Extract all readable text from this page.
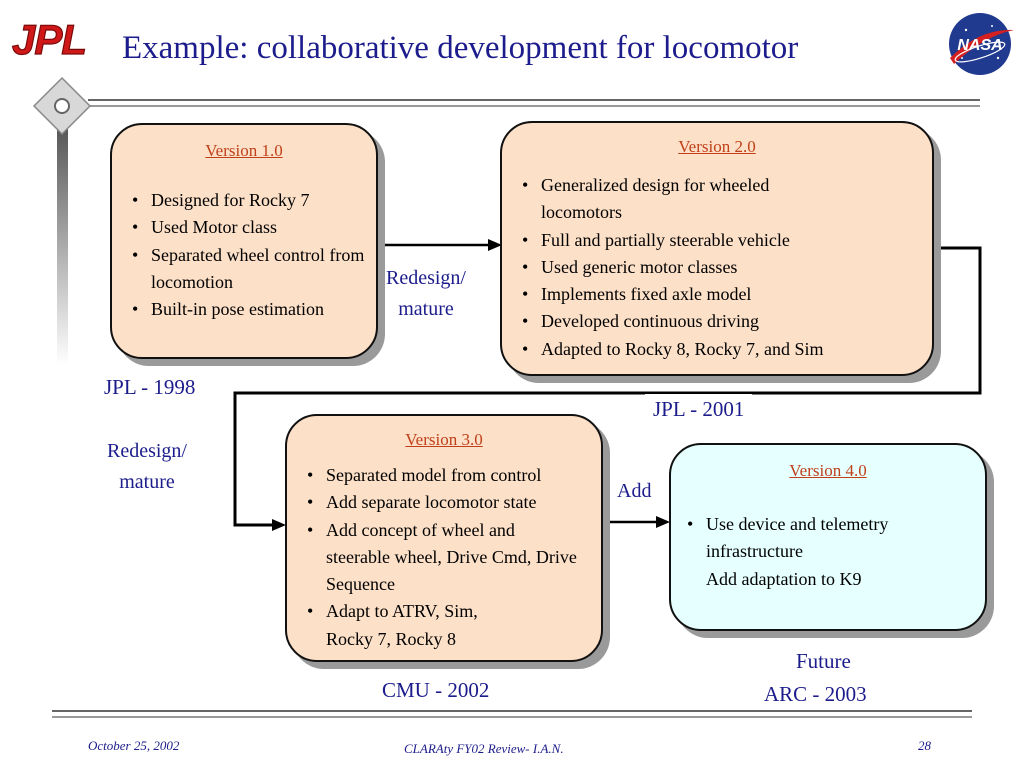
JPL	NASA
Example: collaborative development for locomotor
Version 1.0
• Designed for Rocky 7
• Used Motor class
• Separated wheel control from locomotion
• Built-in pose estimation
Version 2.0
• Generalized design for wheeled locomotors
• Full and partially steerable vehicle
• Used generic motor classes
• Implements fixed axle model
• Developed continuous driving
• Adapted to Rocky 8, Rocky 7, and Sim
Version 3.0
• Separated model from control
• Add separate locomotor state
• Add concept of wheel and steerable wheel, Drive Cmd, Drive Sequence
• Adapt to ATRV, Sim, Rocky 7, Rocky 8
Version 4.0
• Use device and telemetry infrastructure
Add adaptation to K9
JPL - 1998
JPL - 2001
CMU - 2002
Future
ARC - 2003
Redesign/
mature
Redesign/
mature	Add
October 25, 2002	CLARAty FY02 Review- I.A.N.	28
